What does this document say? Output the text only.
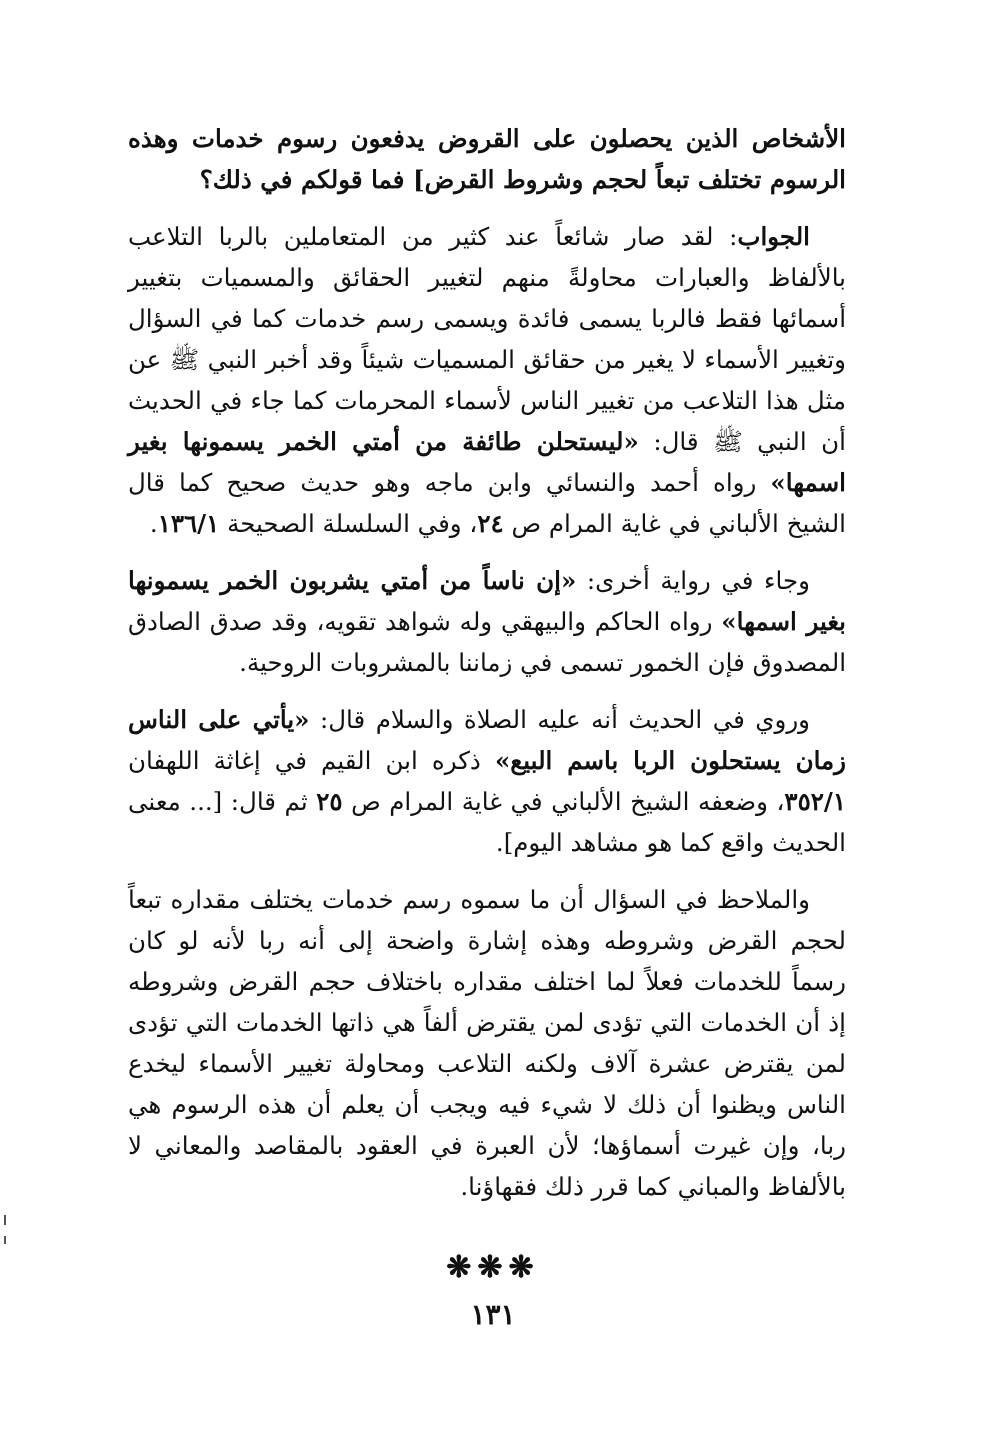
الأشخاص الذين يحصلون على القروض يدفعون رسوم خدمات وهذه الرسوم تختلف تبعاً لحجم وشروط القرض] فما قولكم في ذلك؟

الجواب: لقد صار شائعاً عند كثير من المتعاملين بالربا التلاعب بالألفاظ والعبارات محاولةً منهم لتغيير الحقائق والمسميات بتغيير أسمائها فقط فالربا يسمى فائدة ويسمى رسم خدمات كما في السؤال وتغيير الأسماء لا يغير من حقائق المسميات شيئاً وقد أخبر النبي ﷺ عن مثل هذا التلاعب من تغيير الناس لأسماء المحرمات كما جاء في الحديث أن النبي ﷺ قال: «ليستحلن طائفة من أمتي الخمر يسمونها بغير اسمها» رواه أحمد والنسائي وابن ماجه وهو حديث صحيح كما قال الشيخ الألباني في غاية المرام ص ٢٤، وفي السلسلة الصحيحة ١٣٦/١.

وجاء في رواية أخرى: «إن ناساً من أمتي يشربون الخمر يسمونها بغير اسمها» رواه الحاكم والبيهقي وله شواهد تقويه، وقد صدق الصادق المصدوق فإن الخمور تسمى في زماننا بالمشروبات الروحية.

وروي في الحديث أنه عليه الصلاة والسلام قال: «يأتي على الناس زمان يستحلون الربا باسم البيع» ذكره ابن القيم في إغاثة اللهفان ٣٥٢/١، وضعفه الشيخ الألباني في غاية المرام ص ٢٥ ثم قال: [... معنى الحديث واقع كما هو مشاهد اليوم].

والملاحظ في السؤال أن ما سموه رسم خدمات يختلف مقداره تبعاً لحجم القرض وشروطه وهذه إشارة واضحة إلى أنه ربا لأنه لو كان رسماً للخدمات فعلاً لما اختلف مقداره باختلاف حجم القرض وشروطه إذ أن الخدمات التي تؤدى لمن يقترض ألفاً هي ذاتها الخدمات التي تؤدى لمن يقترض عشرة آلاف ولكنه التلاعب ومحاولة تغيير الأسماء ليخدع الناس ويظنوا أن ذلك لا شيء فيه ويجب أن يعلم أن هذه الرسوم هي ربا، وإن غيرت أسماؤها؛ لأن العبرة في العقود بالمقاصد والمعاني لا بالألفاظ والمباني كما قرر ذلك فقهاؤنا.

❋❋❋
١٣١
